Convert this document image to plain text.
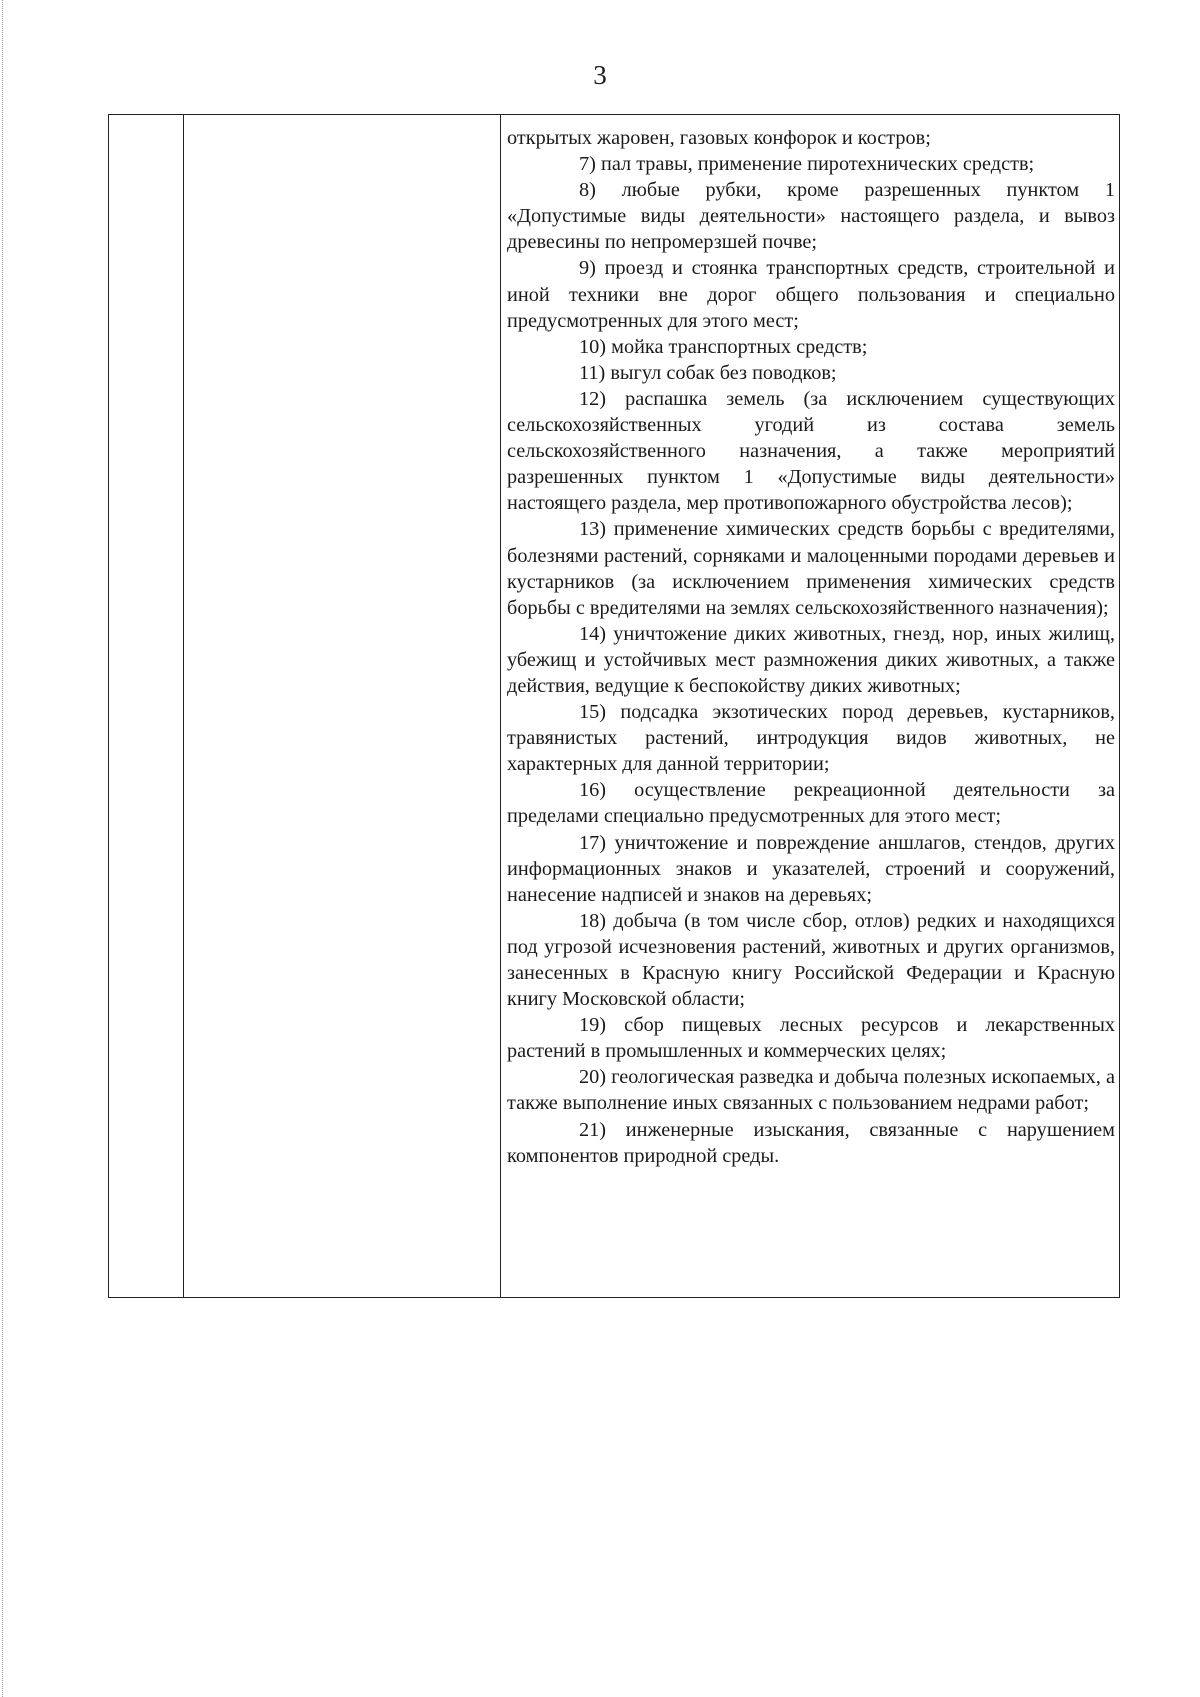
3

открытых жаровен, газовых конфорок и костров;

7) пал травы, применение пиротехнических средств;

8) любые рубки, кроме разрешенных пунктом 1 «Допустимые виды деятельности» настоящего раздела, и вывоз древесины по непромерзшей почве;

9) проезд и стоянка транспортных средств, строительной и иной техники вне дорог общего пользования и специально предусмотренных для этого мест;

10) мойка транспортных средств;

11) выгул собак без поводков;

12) распашка земель (за исключением существующих сельскохозяйственных угодий из состава земель сельскохозяйственного назначения, а также мероприятий разрешенных пунктом 1 «Допустимые виды деятельности» настоящего раздела, мер противопожарного обустройства лесов);

13) применение химических средств борьбы с вредителями, болезнями растений, сорняками и малоценными породами деревьев и кустарников (за исключением применения химических средств борьбы с вредителями на землях сельскохозяйственного назначения);

14) уничтожение диких животных, гнезд, нор, иных жилищ, убежищ и устойчивых мест размножения диких животных, а также действия, ведущие к беспокойству диких животных;

15) подсадка экзотических пород деревьев, кустарников, травянистых растений, интродукция видов животных, не характерных для данной территории;

16) осуществление рекреационной деятельности за пределами специально предусмотренных для этого мест;

17) уничтожение и повреждение аншлагов, стендов, других информационных знаков и указателей, строений и сооружений, нанесение надписей и знаков на деревьях;

18) добыча (в том числе сбор, отлов) редких и находящихся под угрозой исчезновения растений, животных и других организмов, занесенных в Красную книгу Российской Федерации и Красную книгу Московской области;

19) сбор пищевых лесных ресурсов и лекарственных растений в промышленных и коммерческих целях;

20) геологическая разведка и добыча полезных ископаемых, а также выполнение иных связанных с пользованием недрами работ;

21) инженерные изыскания, связанные с нарушением компонентов природной среды.
